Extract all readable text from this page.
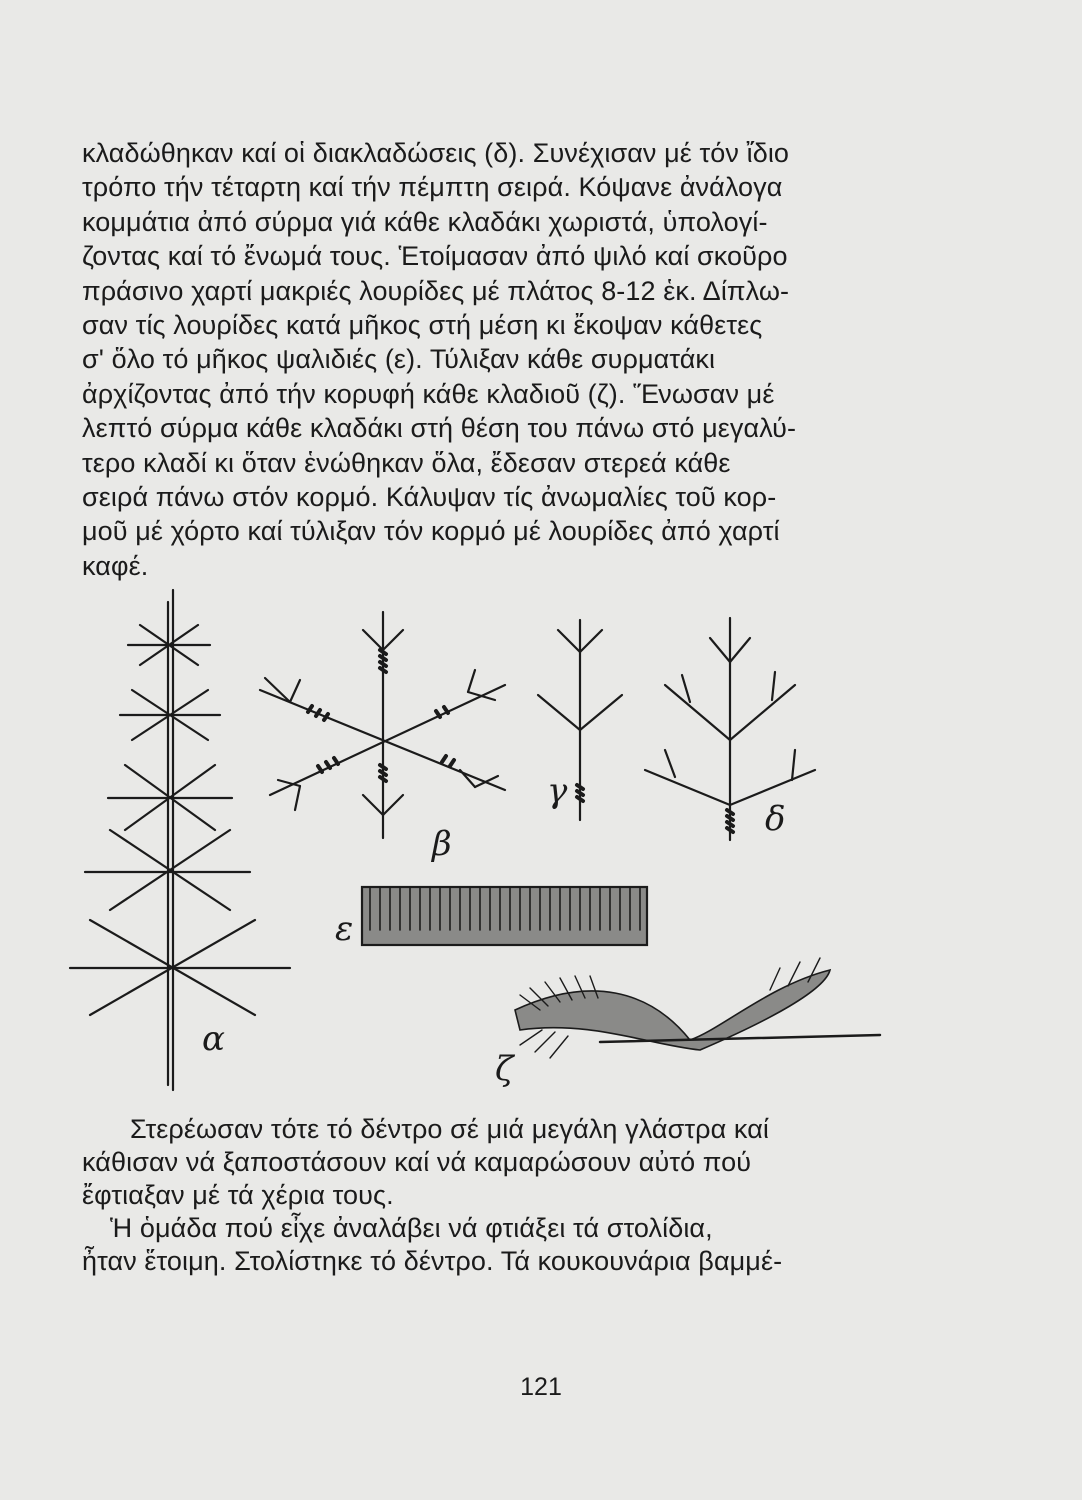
κλαδώθηκαν καί οἱ διακλαδώσεις (δ). Συνέχισαν μέ τόν ἴδιο
τρόπο τήν τέταρτη καί τήν πέμπτη σειρά. Κόψανε ἀνάλογα
κομμάτια ἀπό σύρμα γιά κάθε κλαδάκι χωριστά, ὑπολογί-
ζοντας καί τό ἔνωμά τους. Ἑτοίμασαν ἀπό ψιλό καί σκοῦρο
πράσινο χαρτί μακριές λουρίδες μέ πλάτος 8-12 ἑκ. Δίπλω-
σαν τίς λουρίδες κατά μῆκος στή μέση κι ἔκοψαν κάθετες
σ' ὅλο τό μῆκος ψαλιδιές (ε). Τύλιξαν κάθε συρματάκι
ἀρχίζοντας ἀπό τήν κορυφή κάθε κλαδιοῦ (ζ). Ἕνωσαν μέ
λεπτό σύρμα κάθε κλαδάκι στή θέση του πάνω στό μεγαλύ-
τερο κλαδί κι ὅταν ἑνώθηκαν ὅλα, ἔδεσαν στερεά κάθε
σειρά πάνω στόν κορμό. Κάλυψαν τίς ἀνωμαλίες τοῦ κορ-
μοῦ μέ χόρτο καί τύλιξαν τόν κορμό μέ λουρίδες ἀπό χαρτί
καφέ.
α
β
γ
δ
ε
ζ
Στερέωσαν τότε τό δέντρο σέ μιά μεγάλη γλάστρα καί
κάθισαν νά ξαποστάσουν καί νά καμαρώσουν αὐτό πού
ἔφτιαξαν μέ τά χέρια τους.
Ἡ ὁμάδα πού εἶχε ἀναλάβει νά φτιάξει τά στολίδια,
ἦταν ἕτοιμη. Στολίστηκε τό δέντρο. Τά κουκουνάρια βαμμέ-
121
